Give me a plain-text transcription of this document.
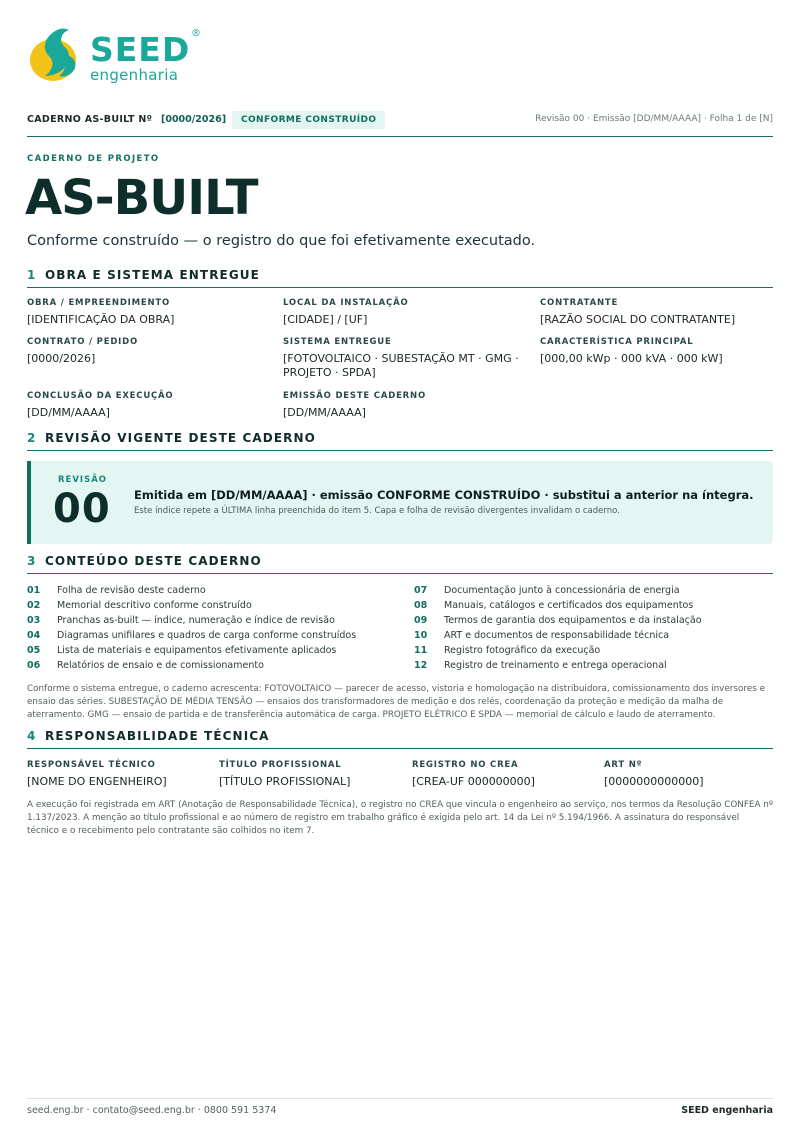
SEED ®
engenharia
CADERNO AS-BUILT Nº [0000/2026]	CONFORME CONSTRUÍDO	Revisão 00 · Emissão [DD/MM/AAAA] · Folha 1 de [N]
CADERNO DE PROJETO
AS-BUILT
Conforme construído — o registro do que foi efetivamente executado.
1 OBRA E SISTEMA ENTREGUE
OBRA / EMPREENDIMENTO
[IDENTIFICAÇÃO DA OBRA]
LOCAL DA INSTALAÇÃO
[CIDADE] / [UF]
CONTRATANTE
[RAZÃO SOCIAL DO CONTRATANTE]
CONTRATO / PEDIDO
[0000/2026]
SISTEMA ENTREGUE
[FOTOVOLTAICO · SUBESTAÇÃO MT · GMG · PROJETO · SPDA]
CARACTERÍSTICA PRINCIPAL
[000,00 kWp · 000 kVA · 000 kW]
CONCLUSÃO DA EXECUÇÃO
[DD/MM/AAAA]
EMISSÃO DESTE CADERNO
[DD/MM/AAAA]
2 REVISÃO VIGENTE DESTE CADERNO
REVISÃO
00 Emitida em [DD/MM/AAAA] · emissão CONFORME CONSTRUÍDO · substitui a anterior na íntegra.
Este índice repete a ÚLTIMA linha preenchida do item 5. Capa e folha de revisão divergentes invalidam o caderno.
3 CONTEÚDO DESTE CADERNO
01 Folha de revisão deste caderno
02 Memorial descritivo conforme construído
03 Pranchas as-built — índice, numeração e índice de revisão
04 Diagramas unifilares e quadros de carga conforme construídos
05 Lista de materiais e equipamentos efetivamente aplicados
06 Relatórios de ensaio e de comissionamento
07 Documentação junto à concessionária de energia
08 Manuais, catálogos e certificados dos equipamentos
09 Termos de garantia dos equipamentos e da instalação
10 ART e documentos de responsabilidade técnica
11 Registro fotográfico da execução
12 Registro de treinamento e entrega operacional
Conforme o sistema entregue, o caderno acrescenta: FOTOVOLTAICO — parecer de acesso, vistoria e homologação na distribuidora, comissionamento dos inversores e ensaio das séries. SUBESTAÇÃO DE MÉDIA TENSÃO — ensaios dos transformadores de medição e dos relés, coordenação da proteção e medição da malha de aterramento. GMG — ensaio de partida e de transferência automática de carga. PROJETO ELÉTRICO E SPDA — memorial de cálculo e laudo de aterramento.
4 RESPONSABILIDADE TÉCNICA
RESPONSÁVEL TÉCNICO
[NOME DO ENGENHEIRO]
TÍTULO PROFISSIONAL
[TÍTULO PROFISSIONAL]
REGISTRO NO CREA
[CREA-UF 000000000]
ART Nº
[0000000000000]
A execução foi registrada em ART (Anotação de Responsabilidade Técnica), o registro no CREA que vincula o engenheiro ao serviço, nos termos da Resolução CONFEA nº 1.137/2023. A menção ao título profissional e ao número de registro em trabalho gráfico é exigida pelo art. 14 da Lei nº 5.194/1966. A assinatura do responsável técnico e o recebimento pelo contratante são colhidos no item 7.
seed.eng.br · contato@seed.eng.br · 0800 591 5374	SEED engenharia
